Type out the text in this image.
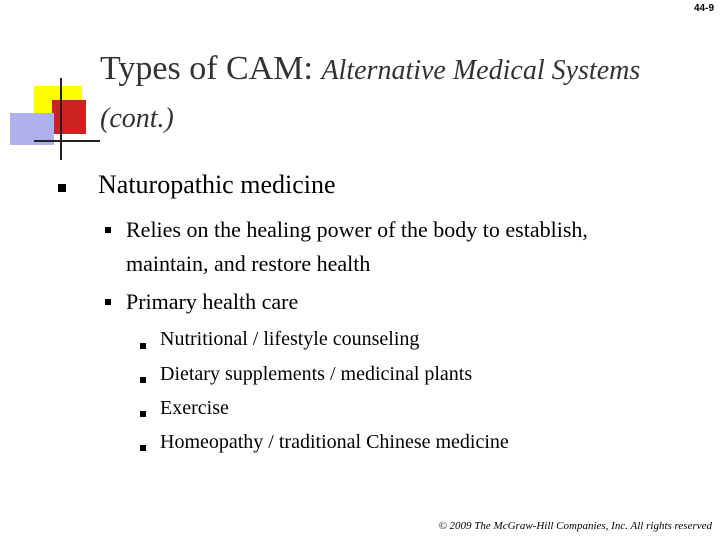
44-9
Types of CAM: Alternative Medical Systems (cont.)
Naturopathic medicine
Relies on the healing power of the body to establish, maintain, and restore health
Primary health care
Nutritional / lifestyle counseling
Dietary supplements / medicinal plants
Exercise
Homeopathy / traditional Chinese medicine
© 2009 The McGraw-Hill Companies, Inc. All rights reserved
